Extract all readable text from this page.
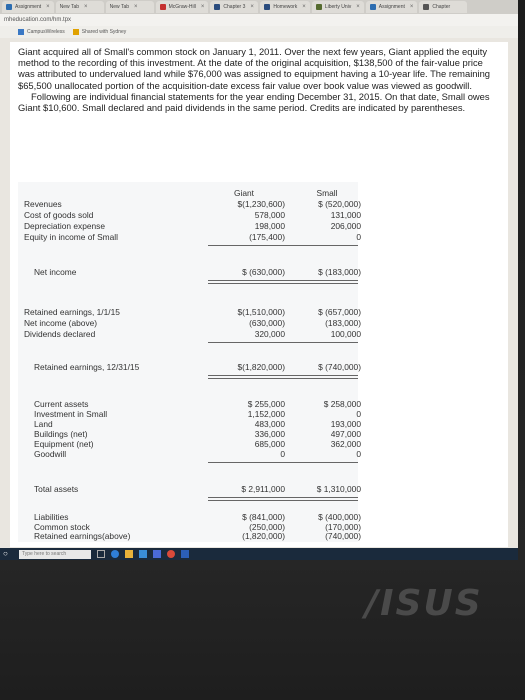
Assignment × New Tab ×	New Tab ×	McGraw-Hill ×	Chapter 3 ×	Homework ×	Liberty Univ ×	Assignment ×	Chapter
mheducation.com/hm.tpx
CampusWireless	Shared with Sydney

Giant acquired all of Small's common stock on January 1, 2011. Over the next few years, Giant applied the equity method to the recording of this investment. At the date of the original acquisition, $138,500 of the fair-value price was attributed to undervalued land while $76,000 was assigned to equipment having a 10-year life. The remaining $65,500 unallocated portion of the acquisition-date excess fair value over book value was viewed as goodwill.

Following are individual financial statements for the year ending December 31, 2015. On that date, Small owes Giant $10,600. Small declared and paid dividends in the same period. Credits are indicated by parentheses.

Giant	Small
Revenues	$(1,230,600)	$ (520,000)
Cost of goods sold	578,000	131,000
Depreciation expense	198,000	206,000
Equity in income of Small	(175,400)	0
Net income	$ (630,000)	$ (183,000)
Retained earnings, 1/1/15	$(1,510,000)	$ (657,000)
Net income (above)	(630,000)	(183,000)
Dividends declared	320,000	100,000
Retained earnings, 12/31/15	$(1,820,000)	$ (740,000)
Current assets	$ 255,000	$ 258,000
Investment in Small	1,152,000	0
Land	483,000	193,000
Buildings (net)	336,000	497,000
Equipment (net)	685,000	362,000
Goodwill	0	0
Total assets	$ 2,911,000	$ 1,310,000
Liabilities	$ (841,000)	$ (400,000)
Common stock	(250,000)	(170,000)
Retained earnings(above)	(1,820,000)	(740,000)
○	Type here to search
/ISUS
